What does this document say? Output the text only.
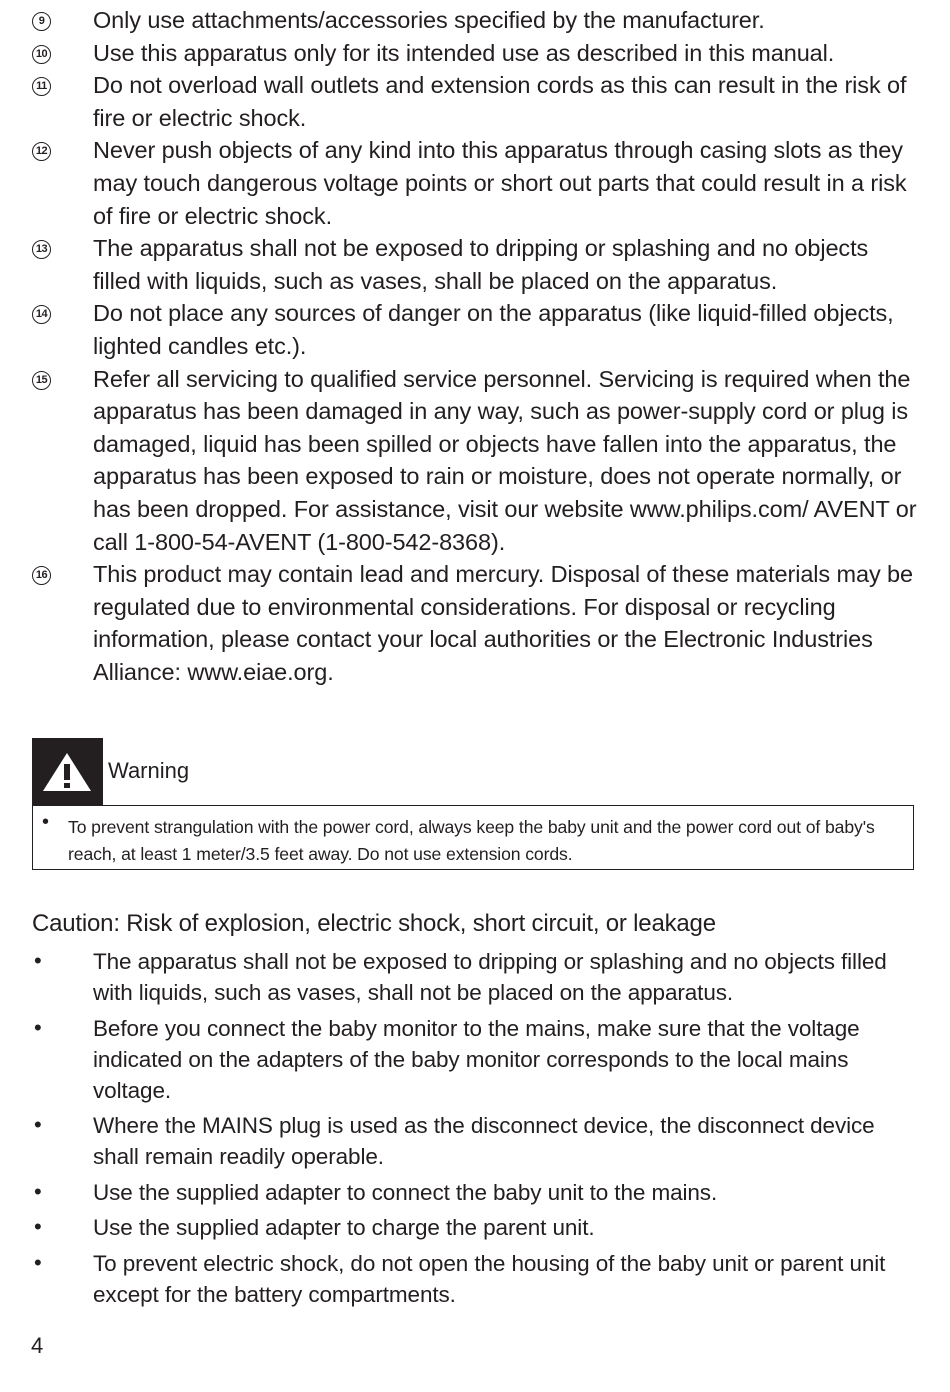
9 Only use attachments/accessories specified by the manufacturer.
10 Use this apparatus only for its intended use as described in this manual.
11 Do not overload wall outlets and extension cords as this can result in the risk of fire or electric shock.
12 Never push objects of any kind into this apparatus through casing slots as they may touch dangerous voltage points or short out parts that could result in a risk of fire or electric shock.
13 The apparatus shall not be exposed to dripping or splashing and no objects filled with liquids, such as vases, shall be placed on the apparatus.
14 Do not place any sources of danger on the apparatus (like liquid-filled objects, lighted candles etc.).
15 Refer all servicing to qualified service personnel. Servicing is required when the apparatus has been damaged in any way, such as power-supply cord or plug is damaged, liquid has been spilled or objects have fallen into the apparatus, the apparatus has been exposed to rain or moisture, does not operate normally, or has been dropped. For assistance, visit our website www.philips.com/ AVENT or call 1-800-54-AVENT (1-800-542-8368).
16 This product may contain lead and mercury. Disposal of these materials may be regulated due to environmental considerations. For disposal or recycling information, please contact your local authorities or the Electronic Industries Alliance: www.eiae.org.
Warning
• To prevent strangulation with the power cord, always keep the baby unit and the power cord out of baby's reach, at least 1 meter/3.5 feet away. Do not use extension cords.
Caution: Risk of explosion, electric shock, short circuit, or leakage
• The apparatus shall not be exposed to dripping or splashing and no objects filled with liquids, such as vases, shall not be placed on the apparatus.
• Before you connect the baby monitor to the mains, make sure that the voltage indicated on the adapters of the baby monitor corresponds to the local mains voltage.
• Where the MAINS plug is used as the disconnect device, the disconnect device shall remain readily operable.
• Use the supplied adapter to connect the baby unit to the mains.
• Use the supplied adapter to charge the parent unit.
• To prevent electric shock, do not open the housing of the baby unit or parent unit except for the battery compartments.
4
